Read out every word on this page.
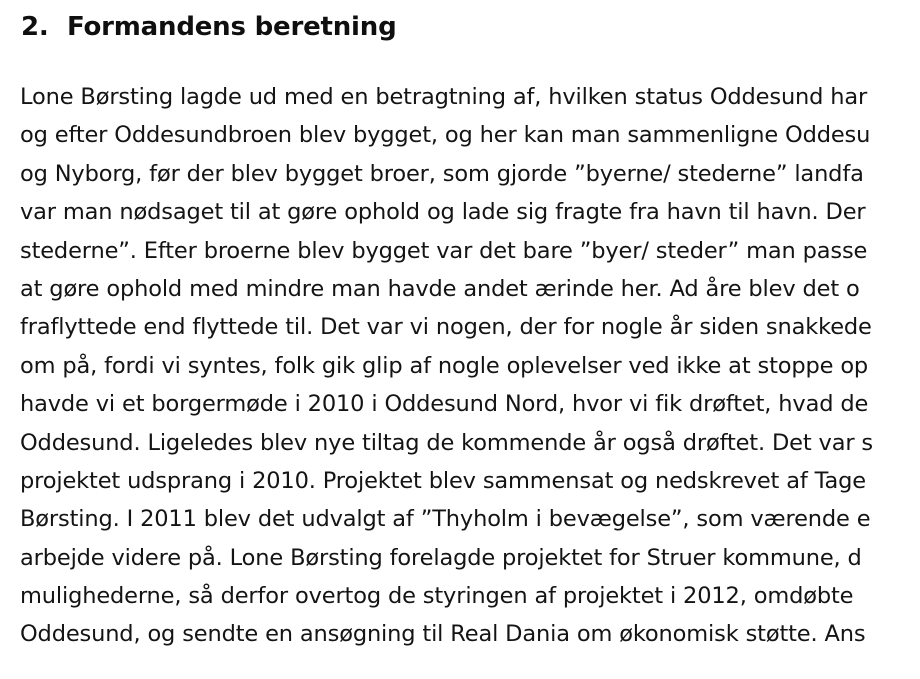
2. Formandens beretning
Lone Børsting lagde ud med en betragtning af, hvilken status Oddesund har
og efter Oddesundbroen blev bygget, og her kan man sammenligne Oddesu
og Nyborg, før der blev bygget broer, som gjorde ”byerne/ stederne” landfa
var man nødsaget til at gøre ophold og lade sig fragte fra havn til havn. Der
stederne”. Efter broerne blev bygget var det bare ”byer/ steder” man passe
at gøre ophold med mindre man havde andet ærinde her. Ad åre blev det o
fraflyttede end flyttede til. Det var vi nogen, der for nogle år siden snakkede
om på, fordi vi syntes, folk gik glip af nogle oplevelser ved ikke at stoppe op
havde vi et borgermøde i 2010 i Oddesund Nord, hvor vi fik drøftet, hvad de
Oddesund. Ligeledes blev nye tiltag de kommende år også drøftet. Det var s
projektet udsprang i 2010. Projektet blev sammensat og nedskrevet af Tage
Børsting. I 2011 blev det udvalgt af ”Thyholm i bevægelse”, som værende e
arbejde videre på. Lone Børsting forelagde projektet for Struer kommune, d
mulighederne, så derfor overtog de styringen af projektet i 2012, omdøbte
Oddesund, og sendte en ansøgning til Real Dania om økonomisk støtte. Ans
